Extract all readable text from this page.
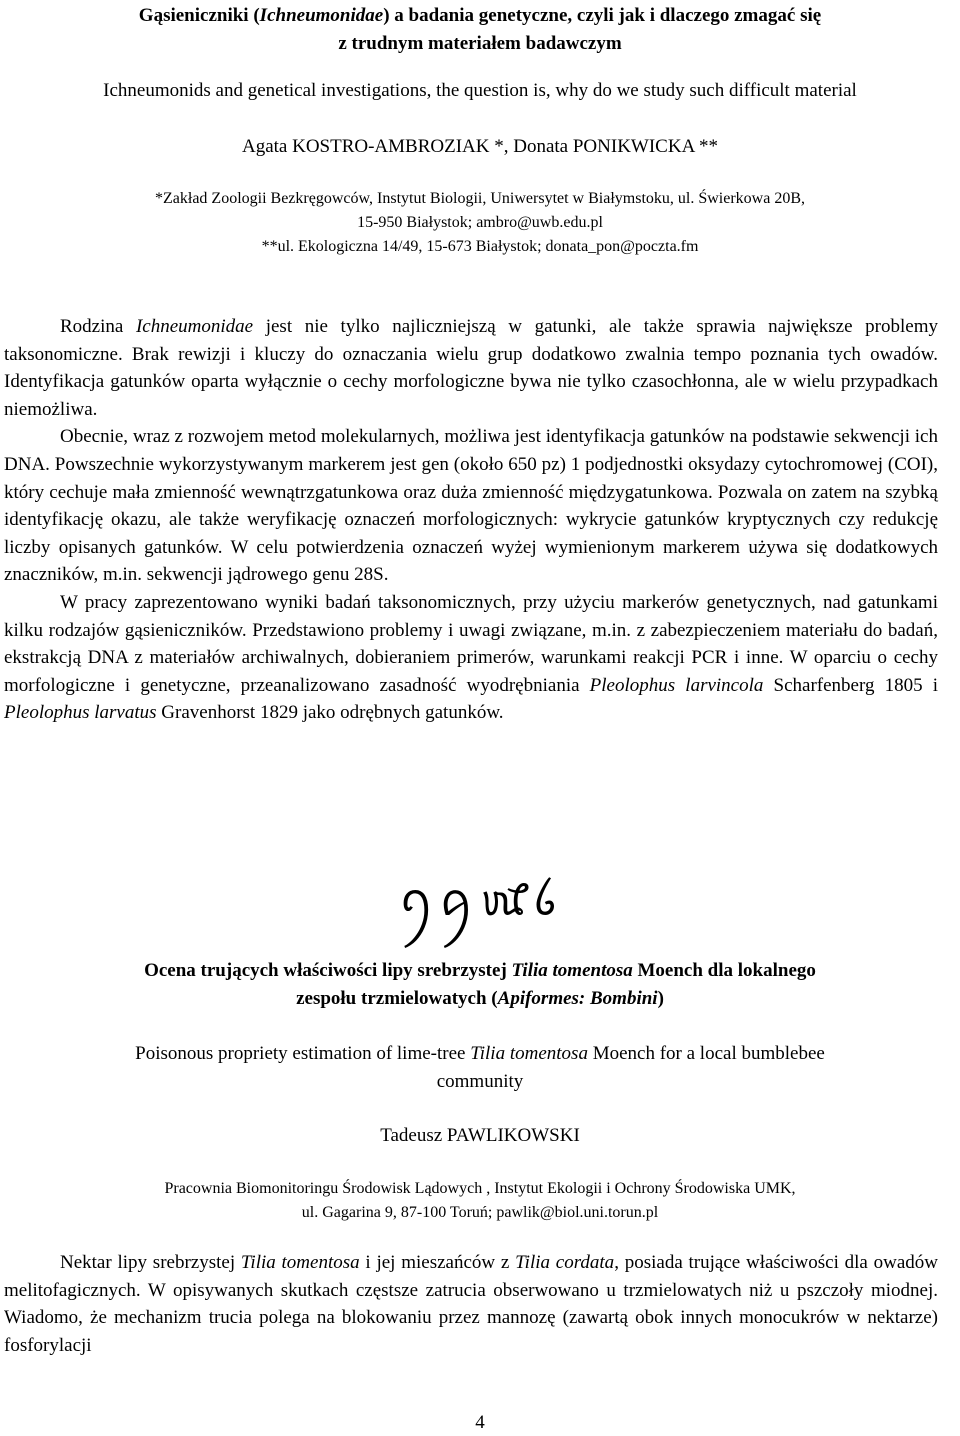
Gąsieniczniki (Ichneumonidae) a badania genetyczne, czyli jak i dlaczego zmagać się
z trudnym materiałem badawczym
Ichneumonids and genetical investigations, the question is, why do we study such difficult material
Agata KOSTRO-AMBROZIAK *, Donata PONIKWICKA **
*Zakład Zoologii Bezkręgowców, Instytut Biologii, Uniwersytet w Białymstoku, ul. Świerkowa 20B,
15-950 Białystok; ambro@uwb.edu.pl
**ul. Ekologiczna 14/49, 15-673 Białystok; donata_pon@poczta.fm

Rodzina Ichneumonidae jest nie tylko najliczniejszą w gatunki, ale także sprawia największe problemy taksonomiczne. Brak rewizji i kluczy do oznaczania wielu grup dodatkowo zwalnia tempo poznania tych owadów. Identyfikacja gatunków oparta wyłącznie o cechy morfologiczne bywa nie tylko czasochłonna, ale w wielu przypadkach niemożliwa.

Obecnie, wraz z rozwojem metod molekularnych, możliwa jest identyfikacja gatunków na podstawie sekwencji ich DNA. Powszechnie wykorzystywanym markerem jest gen (około 650 pz) 1 podjednostki oksydazy cytochromowej (COI), który cechuje mała zmienność wewnątrzgatunkowa oraz duża zmienność międzygatunkowa. Pozwala on zatem na szybką identyfikację okazu, ale także weryfikację oznaczeń morfologicznych: wykrycie gatunków kryptycznych czy redukcję liczby opisanych gatunków. W celu potwierdzenia oznaczeń wyżej wymienionym markerem używa się dodatkowych znaczników, m.in. sekwencji jądrowego genu 28S.

W pracy zaprezentowano wyniki badań taksonomicznych, przy użyciu markerów genetycznych, nad gatunkami kilku rodzajów gąsieniczników. Przedstawiono problemy i uwagi związane, m.in. z zabezpieczeniem materiału do badań, ekstrakcją DNA z materiałów archiwalnych, dobieraniem primerów, warunkami reakcji PCR i inne. W oparciu o cechy morfologiczne i genetyczne, przeanalizowano zasadność wyodrębniania Pleolophus larvincola Scharfenberg 1805 i Pleolophus larvatus Gravenhorst 1829 jako odrębnych gatunków.

ꪆꪇꪈꪉ
Ocena trujących właściwości lipy srebrzystej Tilia tomentosa Moench dla lokalnego
zespołu trzmielowatych (Apiformes: Bombini)
Poisonous propriety estimation of lime-tree Tilia tomentosa Moench for a local bumblebee
community
Tadeusz PAWLIKOWSKI
Pracownia Biomonitoringu Środowisk Lądowych , Instytut Ekologii i Ochrony Środowiska UMK,
ul. Gagarina 9, 87-100 Toruń; pawlik@biol.uni.torun.pl

Nektar lipy srebrzystej Tilia tomentosa i jej mieszańców z Tilia cordata, posiada trujące właściwości dla owadów melitofagicznych. W opisywanych skutkach częstsze zatrucia obserwowano u trzmielowatych niż u pszczoły miodnej. Wiadomo, że mechanizm trucia polega na blokowaniu przez mannozę (zawartą obok innych monocukrów w nektarze) fosforylacji

4
